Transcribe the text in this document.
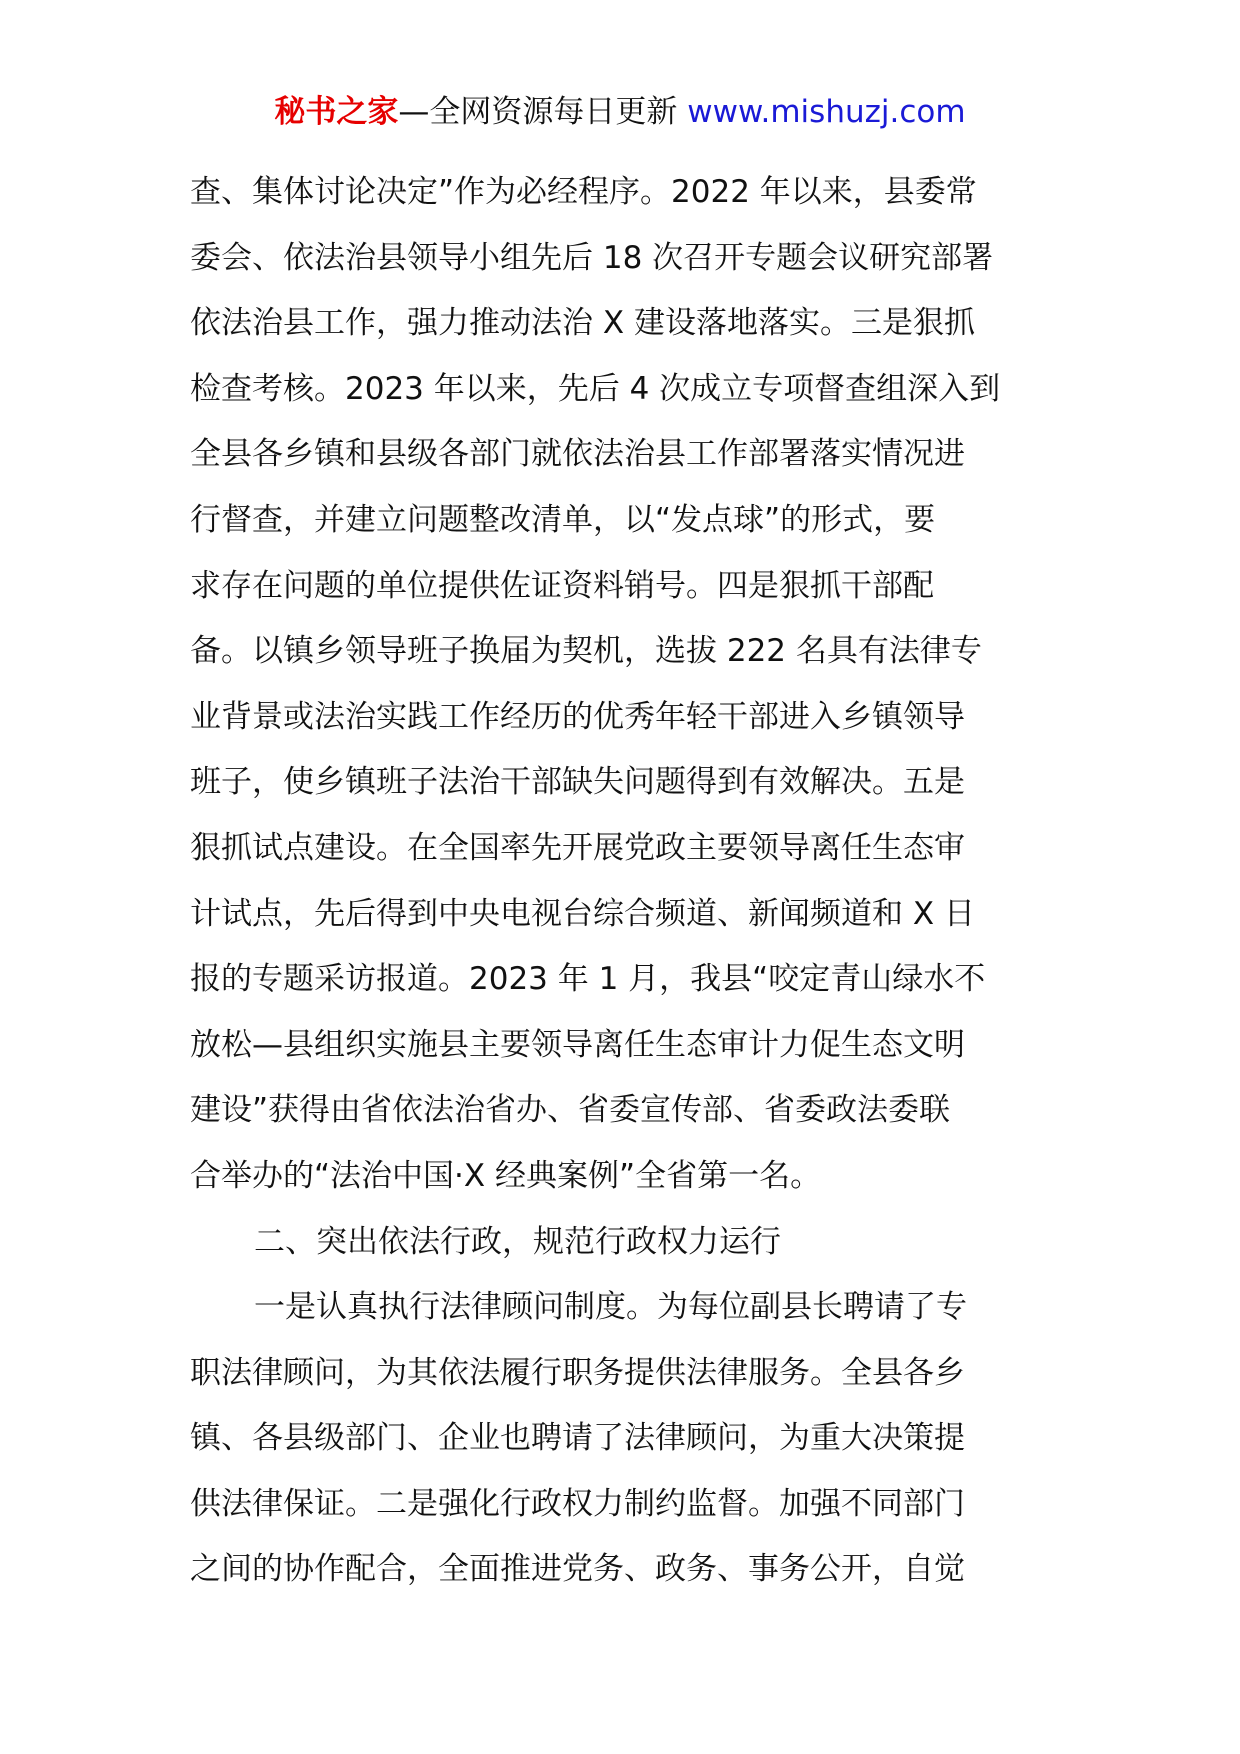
秘书之家—全网资源每日更新 www.mishuzj.com
查、集体讨论决定”作为必经程序。2022 年以来，县委常
委会、依法治县领导小组先后 18 次召开专题会议研究部署
依法治县工作，强力推动法治 X 建设落地落实。三是狠抓
检查考核。2023 年以来，先后 4 次成立专项督查组深入到
全县各乡镇和县级各部门就依法治县工作部署落实情况进
行督查，并建立问题整改清单，以“发点球”的形式，要
求存在问题的单位提供佐证资料销号。四是狠抓干部配
备。以镇乡领导班子换届为契机，选拔 222 名具有法律专
业背景或法治实践工作经历的优秀年轻干部进入乡镇领导
班子，使乡镇班子法治干部缺失问题得到有效解决。五是
狠抓试点建设。在全国率先开展党政主要领导离任生态审
计试点，先后得到中央电视台综合频道、新闻频道和 X 日
报的专题采访报道。2023 年 1 月，我县“咬定青山绿水不
放松—县组织实施县主要领导离任生态审计力促生态文明
建设”获得由省依法治省办、省委宣传部、省委政法委联
合举办的“法治中国·X 经典案例”全省第一名。
二、突出依法行政，规范行政权力运行
一是认真执行法律顾问制度。为每位副县长聘请了专
职法律顾问，为其依法履行职务提供法律服务。全县各乡
镇、各县级部门、企业也聘请了法律顾问，为重大决策提
供法律保证。二是强化行政权力制约监督。加强不同部门
之间的协作配合，全面推进党务、政务、事务公开，自觉
